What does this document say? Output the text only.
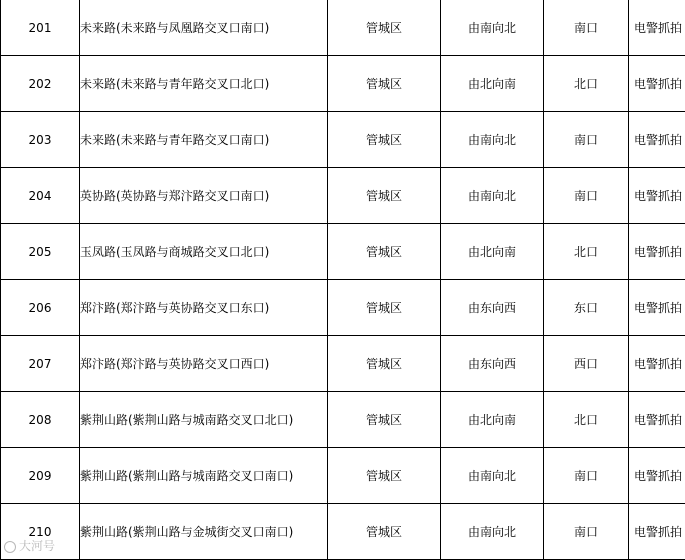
201	未来路(未来路与凤凰路交叉口南口)	管城区	由南向北	南口	电警抓拍

202	未来路(未来路与青年路交叉口北口)	管城区	由北向南	北口	电警抓拍

203	未来路(未来路与青年路交叉口南口)	管城区	由南向北	南口	电警抓拍

204	英协路(英协路与郑汴路交叉口南口)	管城区	由南向北	南口	电警抓拍

205	玉凤路(玉凤路与商城路交叉口北口)	管城区	由北向南	北口	电警抓拍

206	郑汴路(郑汴路与英协路交叉口东口)	管城区	由东向西	东口	电警抓拍

207	郑汴路(郑汴路与英协路交叉口西口)	管城区	由东向西	西口	电警抓拍

208	紫荆山路(紫荆山路与城南路交叉口北口)	管城区	由北向南	北口	电警抓拍

209	紫荆山路(紫荆山路与城南路交叉口南口)	管城区	由南向北	南口	电警抓拍

210	紫荆山路(紫荆山路与金城街交叉口南口)	管城区	由南向北	南口	电警抓拍
大河号
